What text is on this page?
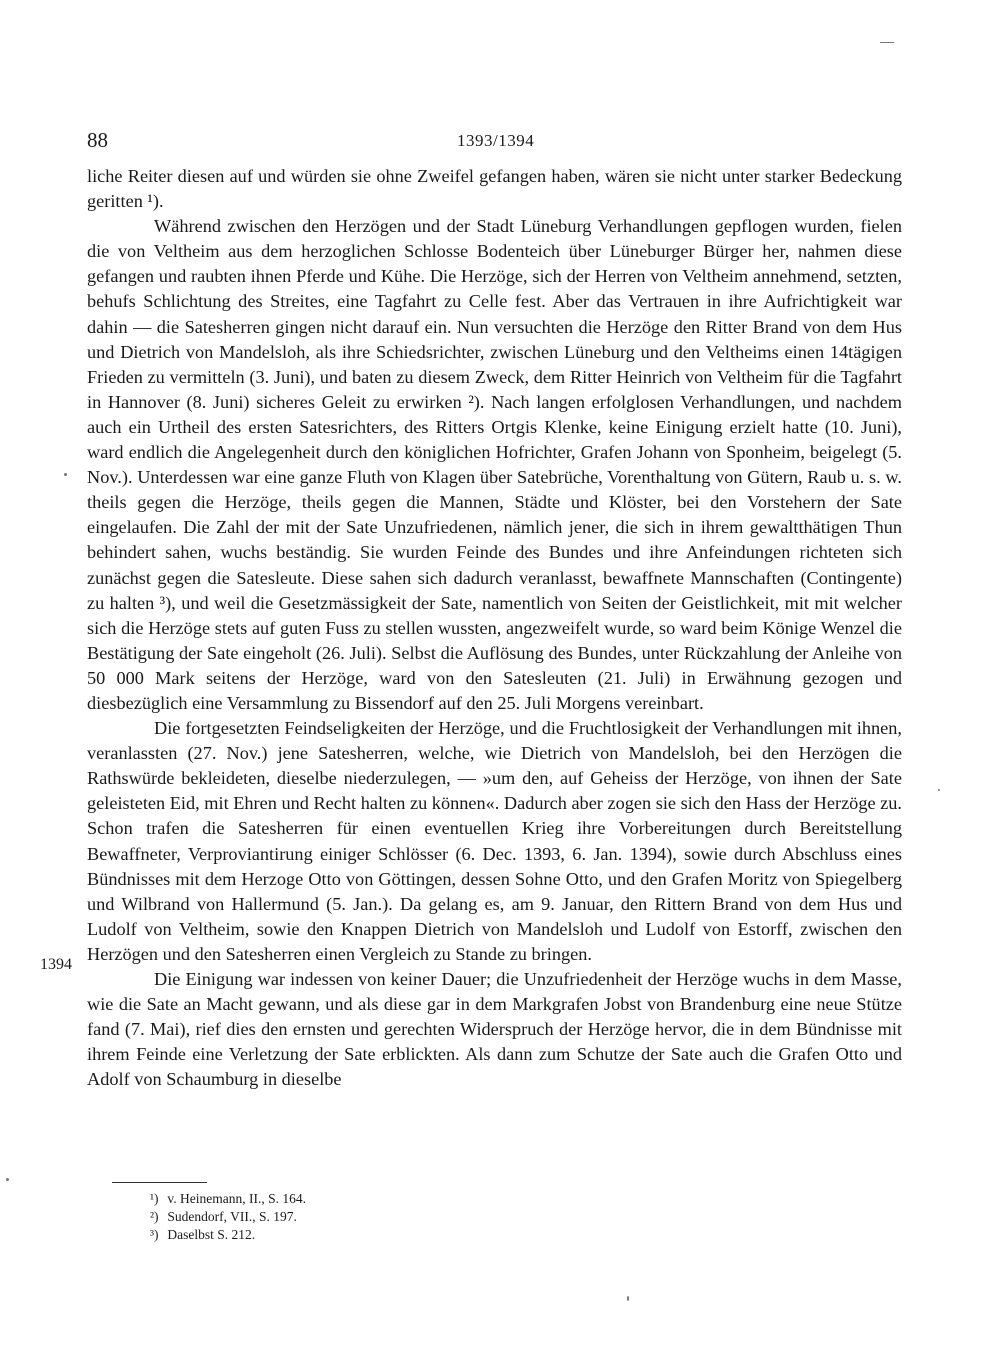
88	1393/1394

liche Reiter diesen auf und würden sie ohne Zweifel gefangen haben, wären sie nicht unter starker Bedeckung geritten ¹).

Während zwischen den Herzögen und der Stadt Lüneburg Verhandlungen gepflogen wurden, fielen die von Veltheim aus dem herzoglichen Schlosse Bodenteich über Lüneburger Bürger her, nahmen diese gefangen und raubten ihnen Pferde und Kühe. Die Herzöge, sich der Herren von Veltheim annehmend, setzten, behufs Schlichtung des Streites, eine Tagfahrt zu Celle fest. Aber das Vertrauen in ihre Aufrichtigkeit war dahin — die Satesherren gingen nicht darauf ein. Nun versuchten die Herzöge den Ritter Brand von dem Hus und Dietrich von Mandelsloh, als ihre Schiedsrichter, zwischen Lüneburg und den Veltheims einen 14tägigen Frieden zu vermitteln (3. Juni), und baten zu diesem Zweck, dem Ritter Heinrich von Veltheim für die Tagfahrt in Hannover (8. Juni) sicheres Geleit zu erwirken ²). Nach langen erfolglosen Verhandlungen, und nachdem auch ein Urtheil des ersten Satesrichters, des Ritters Ortgis Klenke, keine Einigung erzielt hatte (10. Juni), ward endlich die Angelegenheit durch den königlichen Hofrichter, Grafen Johann von Sponheim, beigelegt (5. Nov.). Unterdessen war eine ganze Fluth von Klagen über Satebrüche, Vorenthaltung von Gütern, Raub u. s. w. theils gegen die Herzöge, theils gegen die Mannen, Städte und Klöster, bei den Vorstehern der Sate eingelaufen. Die Zahl der mit der Sate Unzufriedenen, nämlich jener, die sich in ihrem gewaltthätigen Thun behindert sahen, wuchs beständig. Sie wurden Feinde des Bundes und ihre Anfeindungen richteten sich zunächst gegen die Satesleute. Diese sahen sich dadurch veranlasst, bewaffnete Mannschaften (Contingente) zu halten ³), und weil die Gesetzmässigkeit der Sate, namentlich von Seiten der Geistlichkeit, mit mit welcher sich die Herzöge stets auf guten Fuss zu stellen wussten, angezweifelt wurde, so ward beim Könige Wenzel die Bestätigung der Sate eingeholt (26. Juli). Selbst die Auflösung des Bundes, unter Rückzahlung der Anleihe von 50 000 Mark seitens der Herzöge, ward von den Satesleuten (21. Juli) in Erwähnung gezogen und diesbezüglich eine Versammlung zu Bissendorf auf den 25. Juli Morgens vereinbart.

Die fortgesetzten Feindseligkeiten der Herzöge, und die Fruchtlosigkeit der Verhandlungen mit ihnen, veranlassten (27. Nov.) jene Satesherren, welche, wie Dietrich von Mandelsloh, bei den Herzögen die Rathswürde bekleideten, dieselbe niederzulegen, — »um den, auf Geheiss der Herzöge, von ihnen der Sate geleisteten Eid, mit Ehren und Recht halten zu können«. Dadurch aber zogen sie sich den Hass der Herzöge zu. Schon trafen die Satesherren für einen eventuellen Krieg ihre Vorbereitungen durch Bereitstellung Bewaffneter, Verproviantirung einiger Schlösser (6. Dec. 1393, 6. Jan. 1394), sowie durch Abschluss eines Bündnisses mit dem Herzoge Otto von Göttingen, dessen Sohne Otto, und den Grafen Moritz von Spiegelberg und Wilbrand von Hallermund (5. Jan.). Da gelang es, am 9. Januar, den Rittern Brand von dem Hus und Ludolf von Veltheim, sowie den Knappen Dietrich von Mandelsloh und Ludolf von Estorff, zwischen den Herzögen und den Satesherren einen Vergleich zu Stande zu bringen.

Die Einigung war indessen von keiner Dauer; die Unzufriedenheit der Herzöge wuchs in dem Masse, wie die Sate an Macht gewann, und als diese gar in dem Markgrafen Jobst von Brandenburg eine neue Stütze fand (7. Mai), rief dies den ernsten und gerechten Widerspruch der Herzöge hervor, die in dem Bündnisse mit ihrem Feinde eine Verletzung der Sate erblickten. Als dann zum Schutze der Sate auch die Grafen Otto und Adolf von Schaumburg in dieselbe

1394
¹) v. Heinemann, II., S. 164.
²) Sudendorf, VII., S. 197.
³) Daselbst S. 212.
